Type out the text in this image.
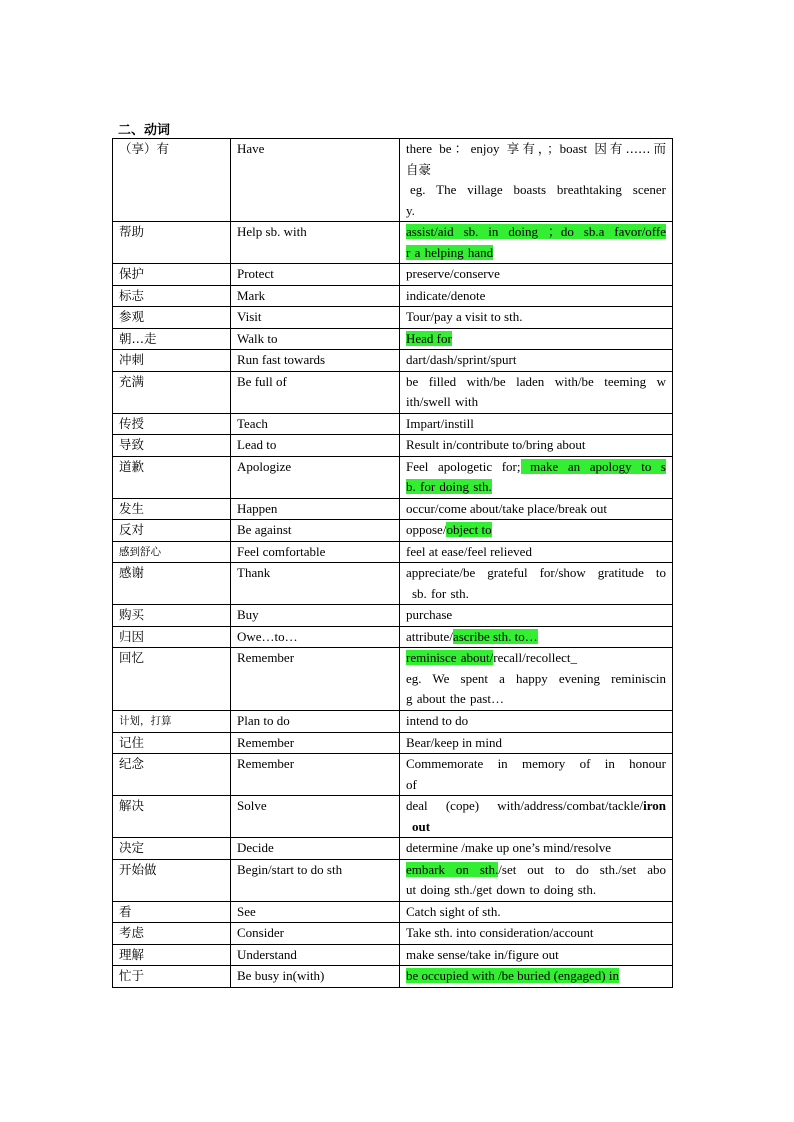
二、动词
（享）有	Have	there be：enjoy 享有，；boast 因有……而
自豪
eg. The village boasts breathtaking scener
y.

帮助	Help sb. with	assist/aid sb. in doing ；do sb.a favor/offe
r a helping hand

保护	Protect	preserve/conserve
标志	Mark	indicate/denote
参观	Visit	Tour/pay a visit to sth.
朝…走	Walk to	Head for
冲刺	Run fast towards	dart/dash/sprint/spurt
充满	Be full of	be filled with/be laden with/be teeming w
ith/swell with

传授	Teach	Impart/instill
导致	Lead to	Result in/contribute to/bring about
道歉	Apologize	Feel apologetic for; make an apology to s
b. for doing sth.

发生	Happen	occur/come about/take place/break out
反对	Be against	oppose/object to
感到舒心	Feel comfortable	feel at ease/feel relieved
感谢	Thank	appreciate/be grateful for/show gratitude to
sb. for sth.

购买	Buy	purchase
归因	Owe…to…	attribute/ascribe sth. to…
回忆	Remember	reminisce about/recall/recollect_
eg. We spent a happy evening reminiscin
g about the past…

计划，打算	Plan to do	intend to do
记住	Remember	Bear/keep in mind
纪念	Remember	Commemorate in memory of in honour
of

解决	Solve	deal (cope) with/address/combat/tackle/iron
out

决定	Decide	determine /make up one’s mind/resolve
开始做	Begin/start to do sth	embark on sth./set out to do sth./set abo
ut doing sth./get down to doing sth.

看	See	Catch sight of sth.
考虑	Consider	Take sth. into consideration/account
理解	Understand	make sense/take in/figure out
忙于	Be busy in(with)	be occupied with /be buried (engaged) in
